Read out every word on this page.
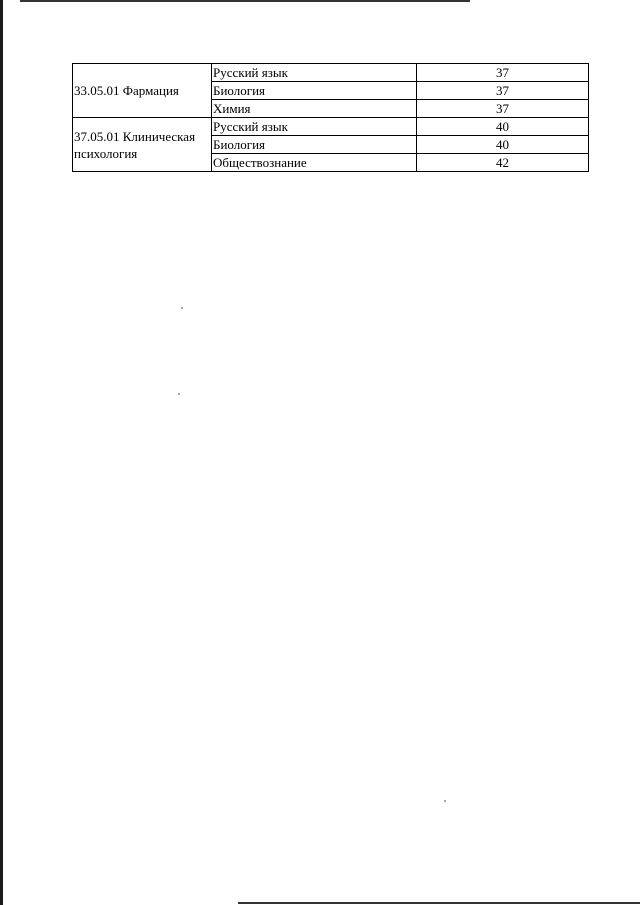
33.05.01 Фармация	Русский язык	37
	Биология	37
	Химия	37
37.05.01 Клиническая психология	Русский язык	40
	Биология	40
	Обществознание	42
